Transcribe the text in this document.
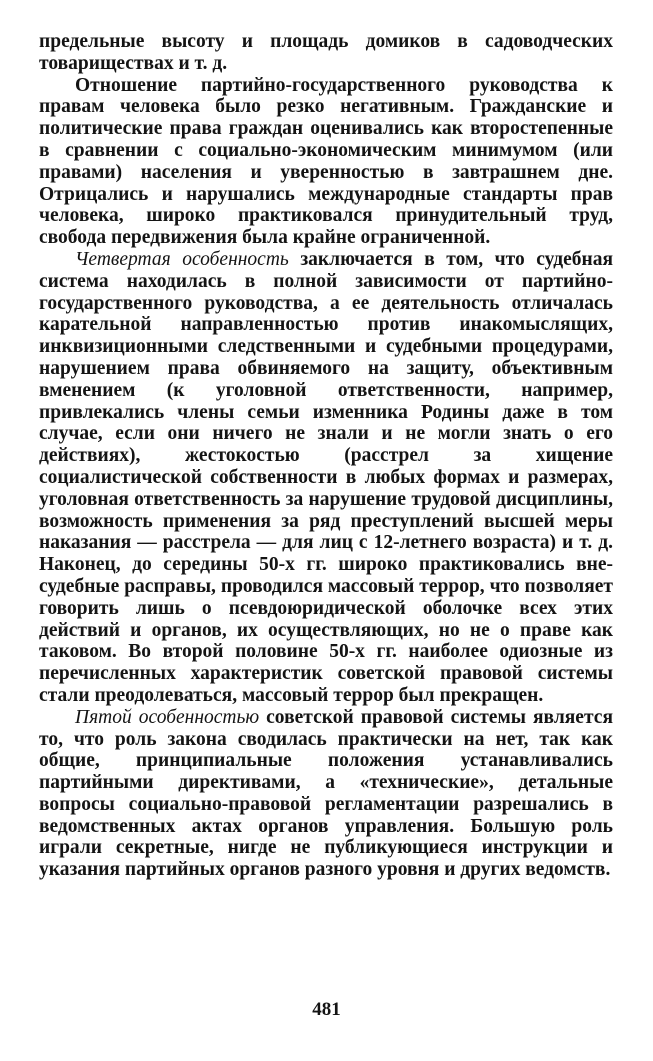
предельные высоту и площадь домиков в садоводческих товариществах и т. д.

Отношение партийно-государственного руководства к правам человека было резко негативным. Гражданские и политические права граждан оценивались как второстепенные в сравнении с социально-экономическим минимумом (или правами) населения и уверенностью в завтрашнем дне. Отрицались и нарушались международные стандарты прав человека, широко практиковался принудительный труд, свобода передвижения была крайне ограниченной.

Четвертая особенность заключается в том, что судебная система находилась в полной зависимости от партийно-государственного руководства, а ее деятельность отличалась карательной направленностью против инакомыслящих, инквизиционными следственными и судебными процедурами, нарушением права обвиняемого на защиту, объективным вменением (к уголовной ответственности, например, привлекались члены семьи изменника Родины даже в том случае, если они ничего не знали и не могли знать о его действиях), жестокостью (расстрел за хищение социалистической собственности в любых формах и размерах, уголовная ответственность за нарушение трудовой дисциплины, возможность применения за ряд преступлений высшей меры наказания — расстрела — для лиц с 12-летнего возраста) и т. д. Наконец, до середины 50-х гг. широко практиковались внесудебные расправы, проводился массовый террор, что позволяет говорить лишь о псевдоюридической оболочке всех этих действий и органов, их осуществляющих, но не о праве как таковом. Во второй половине 50-х гг. наиболее одиозные из перечисленных характеристик советской правовой системы стали преодолеваться, массовый террор был прекращен.

Пятой особенностью советской правовой системы является то, что роль закона сводилась практически на нет, так как общие, принципиальные положения устанавливались партийными директивами, а «технические», детальные вопросы социально-правовой регламентации разрешались в ведомственных актах органов управления. Большую роль играли секретные, нигде не публикующиеся инструкции и указания партийных органов разного уровня и других ведомств.

481
